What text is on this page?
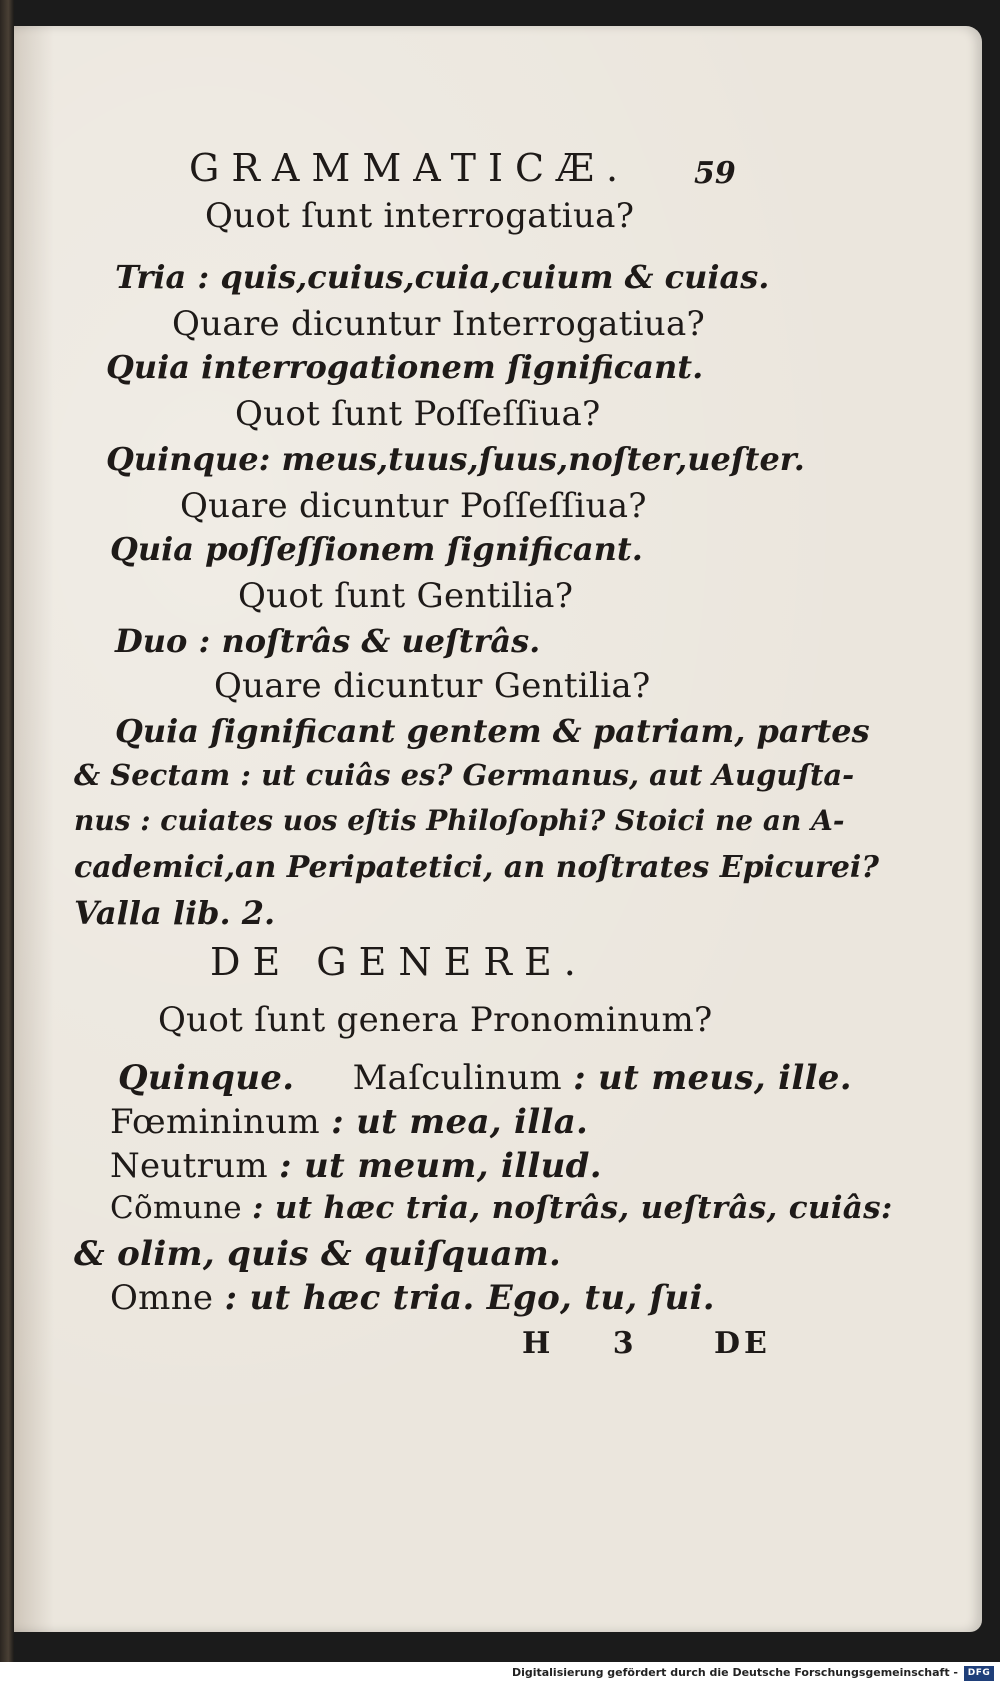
GRAMMATICÆ. 59
Quot ſunt interrogatiua?
Tria : quis,cuius,cuia,cuium & cuias.
Quare dicuntur Interrogatiua?
Quia interrogationem ſignificant.
Quot ſunt Poſſeſſiua?
Quinque: meus,tuus,ſuus,noſter,ueſter.
Quare dicuntur Poſſeſſiua?
Quia poſſeſſionem ſignificant.
Quot ſunt Gentilia?
Duo : noſtrâs & ueſtrâs.
Quare dicuntur Gentilia?
Quia ſignificant gentem & patriam, partes
& Sectam : ut cuiâs es? Germanus, aut Auguſta-
nus : cuiates uos eſtis Philoſophi? Stoici ne an A-
cademici,an Peripatetici, an noſtrates Epicurei?
Valla lib. 2.
DE GENERE.
Quot ſunt genera Pronominum?
Quinque. Maſculinum : ut meus, ille.
Fœmininum : ut mea, illa.
Neutrum : ut meum, illud.
Cõmune : ut hæc tria, noſtrâs, ueſtrâs, cuiâs:
& olim, quis & quiſquam.
Omne : ut hæc tria. Ego, tu, ſui.
H 3 DE
Digitalisierung gefördert durch die Deutsche Forschungsgemeinschaft -	DFG
